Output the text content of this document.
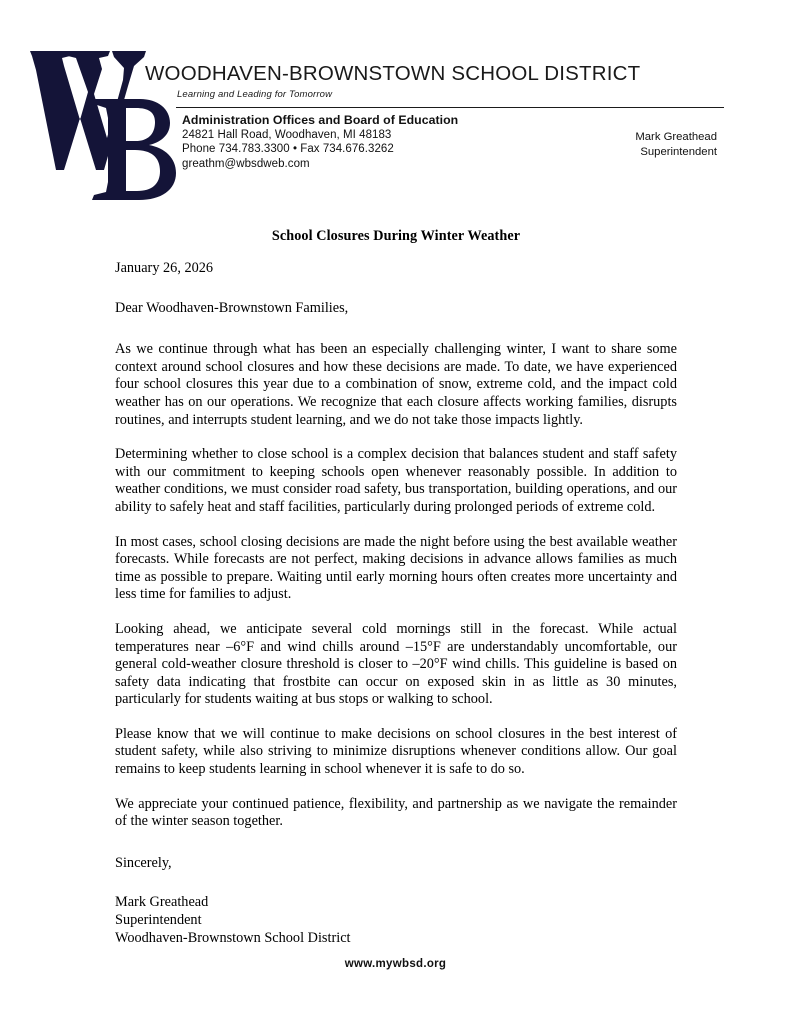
WOODHAVEN-BROWNSTOWN SCHOOL DISTRICT
Learning and Leading for Tomorrow
Administration Offices and Board of Education
24821 Hall Road, Woodhaven, MI 48183
Phone 734.783.3300 • Fax 734.676.3262
greathm@wbsdweb.com
Mark Greathead
Superintendent
School Closures During Winter Weather
January 26, 2026
Dear Woodhaven-Brownstown Families,

As we continue through what has been an especially challenging winter, I want to share some context around school closures and how these decisions are made. To date, we have experienced four school closures this year due to a combination of snow, extreme cold, and the impact cold weather has on our operations. We recognize that each closure affects working families, disrupts routines, and interrupts student learning, and we do not take those impacts lightly.

Determining whether to close school is a complex decision that balances student and staff safety with our commitment to keeping schools open whenever reasonably possible. In addition to weather conditions, we must consider road safety, bus transportation, building operations, and our ability to safely heat and staff facilities, particularly during prolonged periods of extreme cold.

In most cases, school closing decisions are made the night before using the best available weather forecasts. While forecasts are not perfect, making decisions in advance allows families as much time as possible to prepare. Waiting until early morning hours often creates more uncertainty and less time for families to adjust.

Looking ahead, we anticipate several cold mornings still in the forecast. While actual temperatures near –6°F and wind chills around –15°F are understandably uncomfortable, our general cold-weather closure threshold is closer to –20°F wind chills. This guideline is based on safety data indicating that frostbite can occur on exposed skin in as little as 30 minutes, particularly for students waiting at bus stops or walking to school.

Please know that we will continue to make decisions on school closures in the best interest of student safety, while also striving to minimize disruptions whenever conditions allow. Our goal remains to keep students learning in school whenever it is safe to do so.

We appreciate your continued patience, flexibility, and partnership as we navigate the remainder of the winter season together.

Sincerely,
Mark Greathead
Superintendent
Woodhaven-Brownstown School District
www.mywbsd.org
